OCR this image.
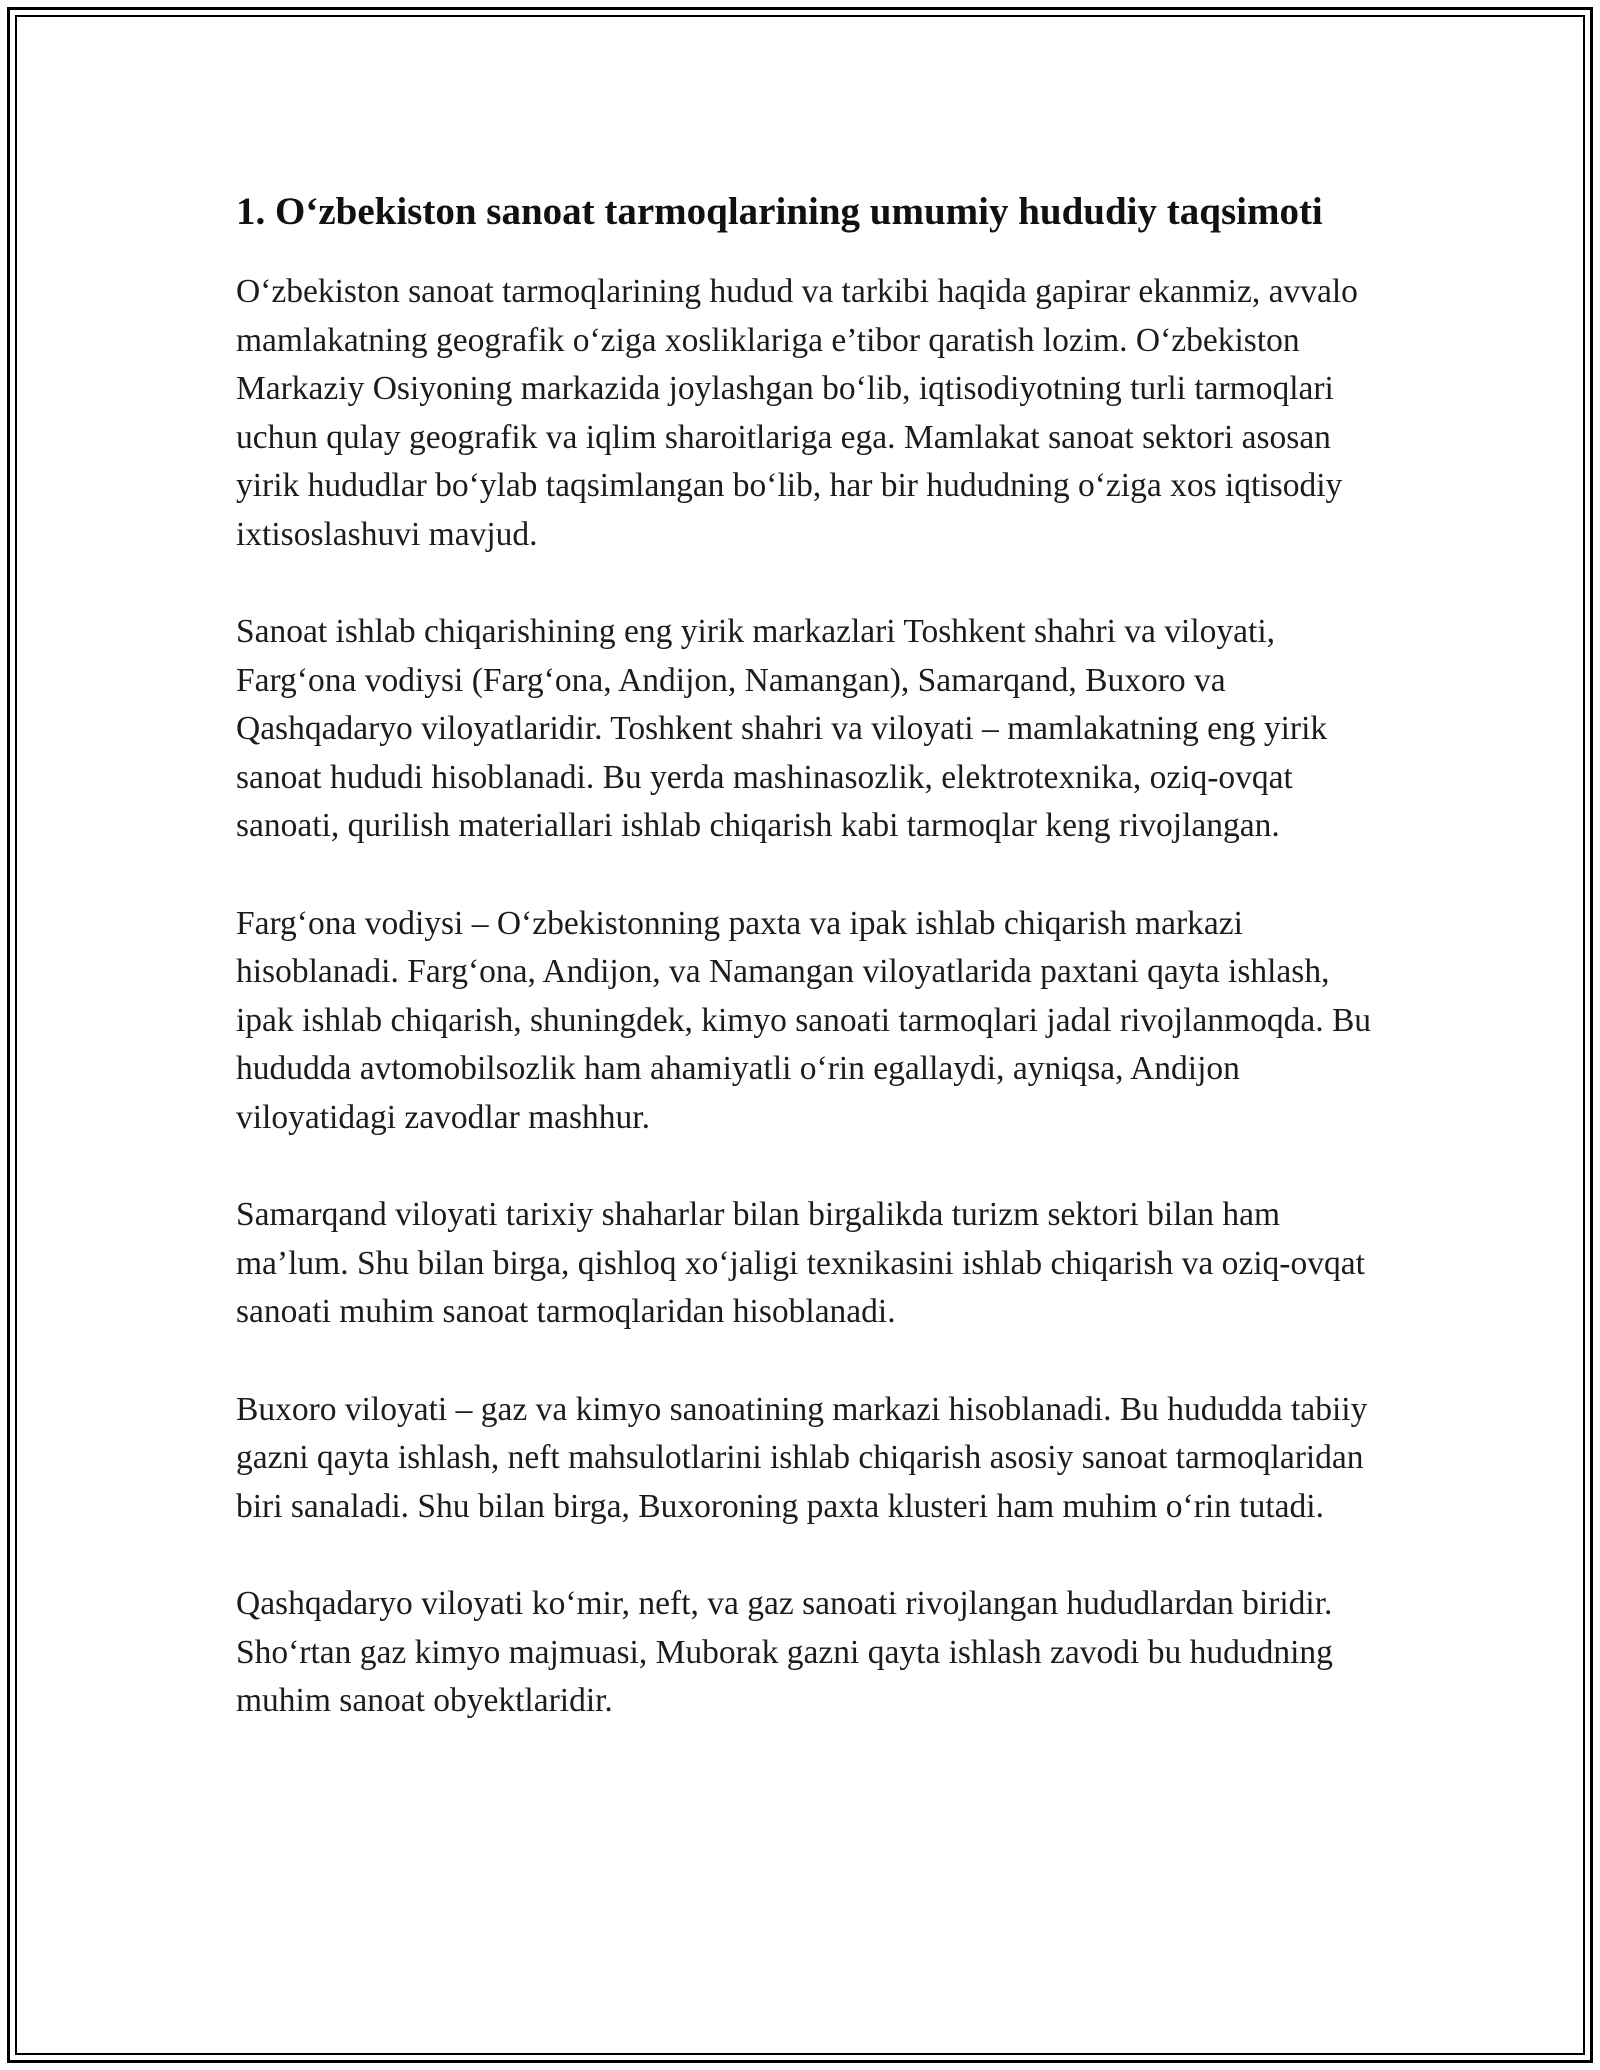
1. O‘zbekiston sanoat tarmoqlarining umumiy hududiy taqsimoti

O‘zbekiston sanoat tarmoqlarining hudud va tarkibi haqida gapirar ekanmiz, avvalo mamlakatning geografik o‘ziga xosliklariga e’tibor qaratish lozim. O‘zbekiston Markaziy Osiyoning markazida joylashgan bo‘lib, iqtisodiyotning turli tarmoqlari uchun qulay geografik va iqlim sharoitlariga ega. Mamlakat sanoat sektori asosan yirik hududlar bo‘ylab taqsimlangan bo‘lib, har bir hududning o‘ziga xos iqtisodiy ixtisoslashuvi mavjud.

Sanoat ishlab chiqarishining eng yirik markazlari Toshkent shahri va viloyati, Farg‘ona vodiysi (Farg‘ona, Andijon, Namangan), Samarqand, Buxoro va Qashqadaryo viloyatlaridir. Toshkent shahri va viloyati – mamlakatning eng yirik sanoat hududi hisoblanadi. Bu yerda mashinasozlik, elektrotexnika, oziq-ovqat sanoati, qurilish materiallari ishlab chiqarish kabi tarmoqlar keng rivojlangan.

Farg‘ona vodiysi – O‘zbekistonning paxta va ipak ishlab chiqarish markazi hisoblanadi. Farg‘ona, Andijon, va Namangan viloyatlarida paxtani qayta ishlash, ipak ishlab chiqarish, shuningdek, kimyo sanoati tarmoqlari jadal rivojlanmoqda. Bu hududda avtomobilsozlik ham ahamiyatli o‘rin egallaydi, ayniqsa, Andijon viloyatidagi zavodlar mashhur.

Samarqand viloyati tarixiy shaharlar bilan birgalikda turizm sektori bilan ham ma’lum. Shu bilan birga, qishloq xo‘jaligi texnikasini ishlab chiqarish va oziq-ovqat sanoati muhim sanoat tarmoqlaridan hisoblanadi.

Buxoro viloyati – gaz va kimyo sanoatining markazi hisoblanadi. Bu hududda tabiiy gazni qayta ishlash, neft mahsulotlarini ishlab chiqarish asosiy sanoat tarmoqlaridan biri sanaladi. Shu bilan birga, Buxoroning paxta klusteri ham muhim o‘rin tutadi.

Qashqadaryo viloyati ko‘mir, neft, va gaz sanoati rivojlangan hududlardan biridir. Sho‘rtan gaz kimyo majmuasi, Muborak gazni qayta ishlash zavodi bu hududning muhim sanoat obyektlaridir.
